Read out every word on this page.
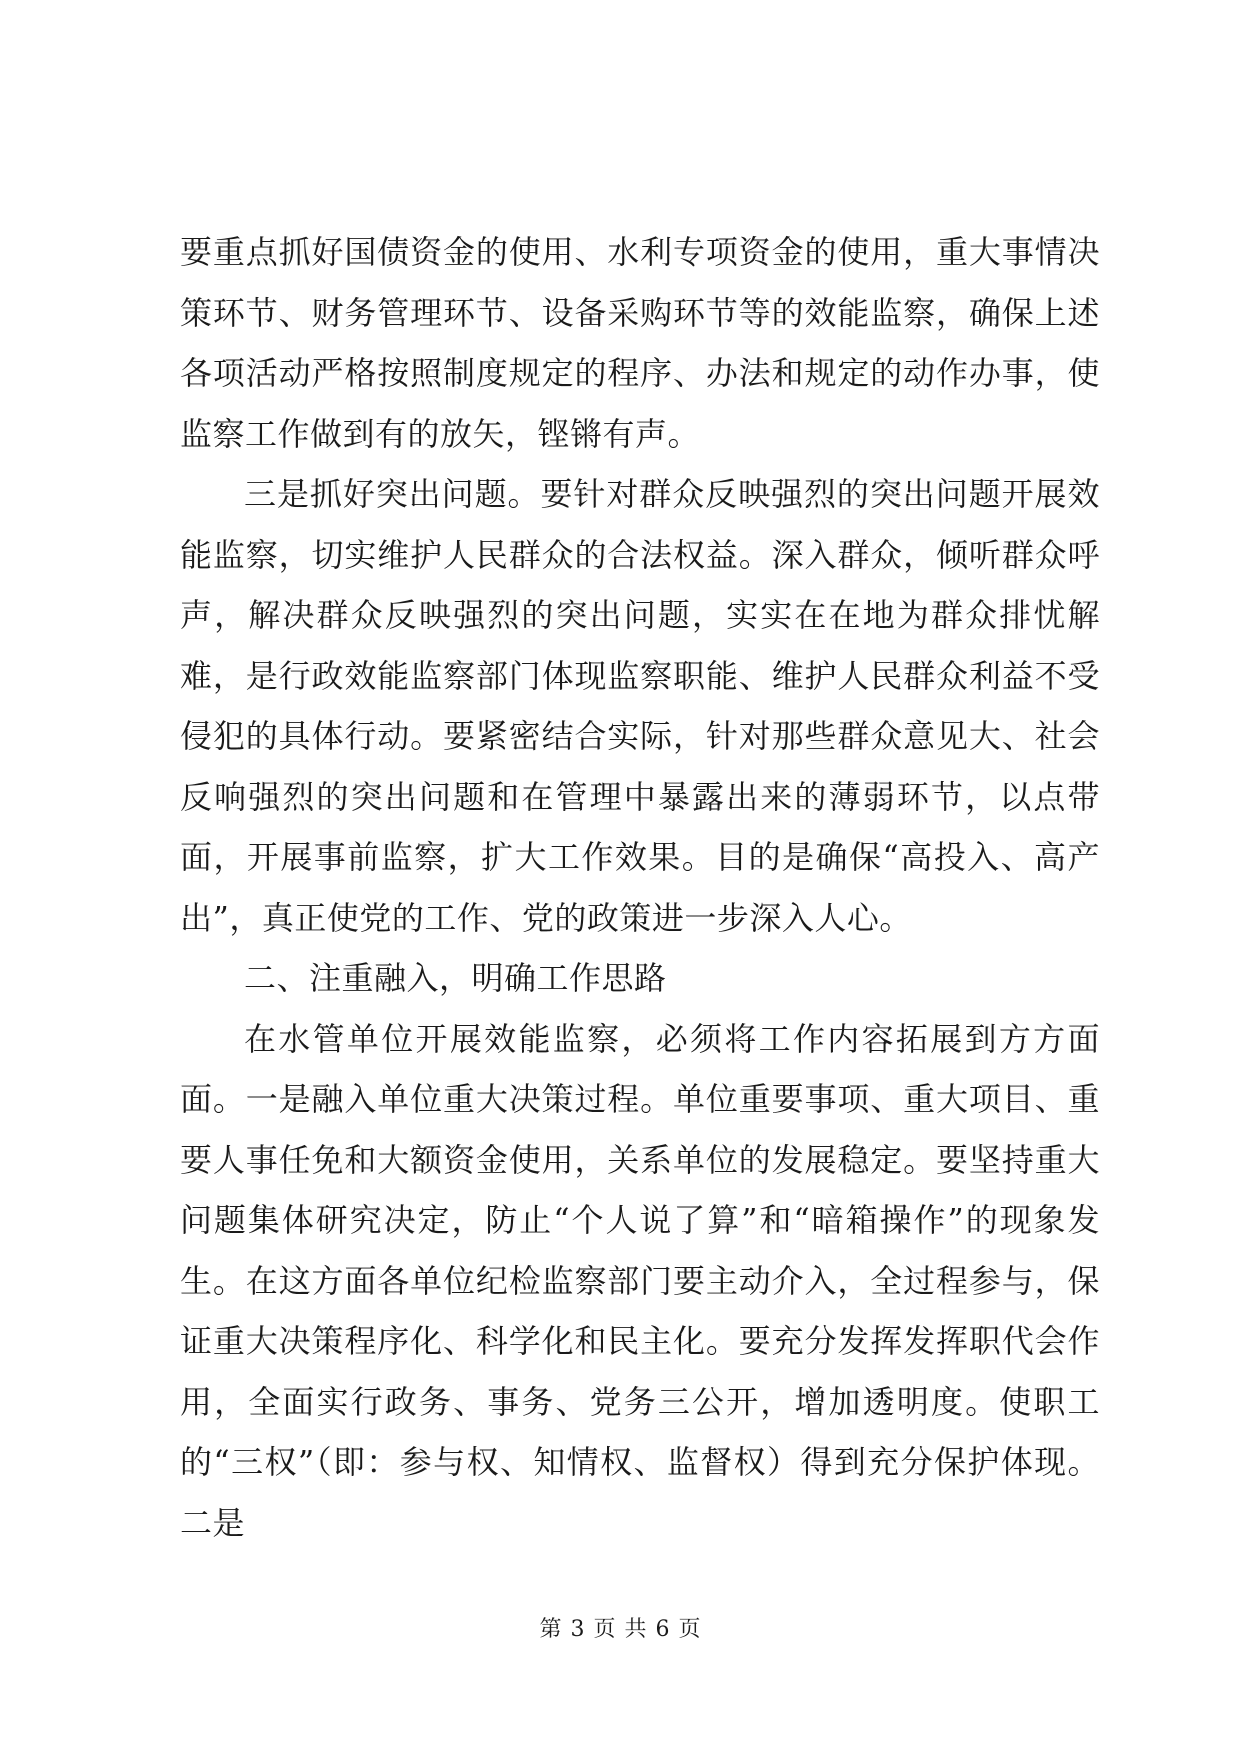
要重点抓好国债资金的使用、水利专项资金的使用，重大事情决策环节、财务管理环节、设备采购环节等的效能监察，确保上述各项活动严格按照制度规定的程序、办法和规定的动作办事，使监察工作做到有的放矢，铿锵有声。

三是抓好突出问题。要针对群众反映强烈的突出问题开展效能监察，切实维护人民群众的合法权益。深入群众，倾听群众呼声，解决群众反映强烈的突出问题，实实在在地为群众排忧解难，是行政效能监察部门体现监察职能、维护人民群众利益不受侵犯的具体行动。要紧密结合实际，针对那些群众意见大、社会反响强烈的突出问题和在管理中暴露出来的薄弱环节，以点带面，开展事前监察，扩大工作效果。目的是确保“高投入、高产出”，真正使党的工作、党的政策进一步深入人心。

二、注重融入，明确工作思路

在水管单位开展效能监察，必须将工作内容拓展到方方面面。一是融入单位重大决策过程。单位重要事项、重大项目、重要人事任免和大额资金使用，关系单位的发展稳定。要坚持重大问题集体研究决定，防止“个人说了算”和“暗箱操作”的现象发生。在这方面各单位纪检监察部门要主动介入，全过程参与，保证重大决策程序化、科学化和民主化。要充分发挥发挥职代会作用，全面实行政务、事务、党务三公开，增加透明度。使职工的“三权”（即：参与权、知情权、监督权）得到充分保护体现。二是

第 3 页 共 6 页
